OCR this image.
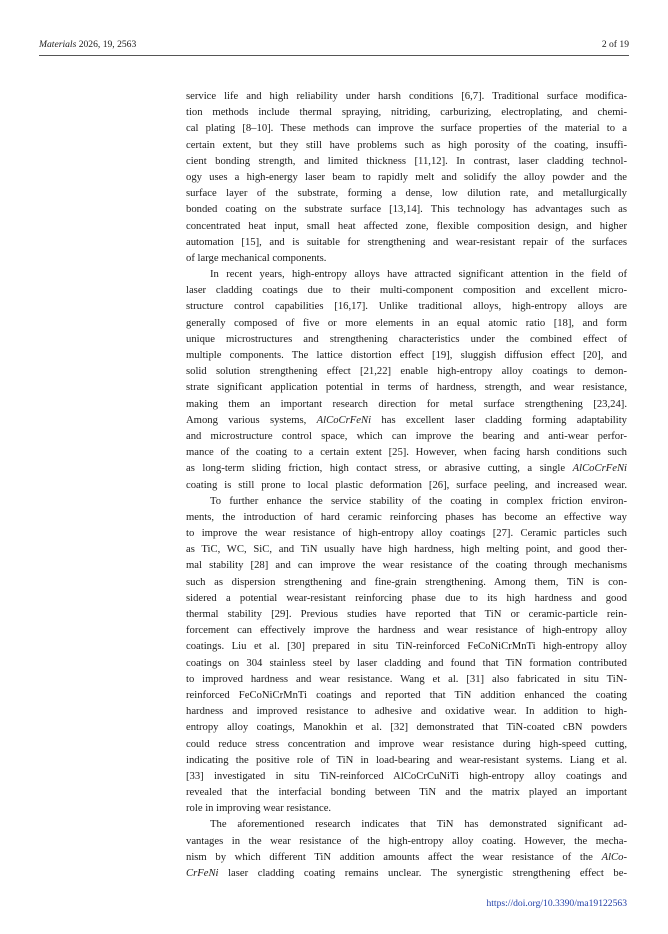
Materials 2026, 19, 2563	2 of 19
service life and high reliability under harsh conditions [6,7]. Traditional surface modifica-
tion methods include thermal spraying, nitriding, carburizing, electroplating, and chemi-
cal plating [8–10]. These methods can improve the surface properties of the material to a
certain extent, but they still have problems such as high porosity of the coating, insuffi-
cient bonding strength, and limited thickness [11,12]. In contrast, laser cladding technol-
ogy uses a high-energy laser beam to rapidly melt and solidify the alloy powder and the
surface layer of the substrate, forming a dense, low dilution rate, and metallurgically
bonded coating on the substrate surface [13,14]. This technology has advantages such as
concentrated heat input, small heat affected zone, flexible composition design, and higher
automation [15], and is suitable for strengthening and wear-resistant repair of the surfaces
of large mechanical components.
In recent years, high-entropy alloys have attracted significant attention in the field of
laser cladding coatings due to their multi-component composition and excellent micro-
structure control capabilities [16,17]. Unlike traditional alloys, high-entropy alloys are
generally composed of five or more elements in an equal atomic ratio [18], and form
unique microstructures and strengthening characteristics under the combined effect of
multiple components. The lattice distortion effect [19], sluggish diffusion effect [20], and
solid solution strengthening effect [21,22] enable high-entropy alloy coatings to demon-
strate significant application potential in terms of hardness, strength, and wear resistance,
making them an important research direction for metal surface strengthening [23,24].
Among various systems, AlCoCrFeNi has excellent laser cladding forming adaptability
and microstructure control space, which can improve the bearing and anti-wear perfor-
mance of the coating to a certain extent [25]. However, when facing harsh conditions such
as long-term sliding friction, high contact stress, or abrasive cutting, a single AlCoCrFeNi
coating is still prone to local plastic deformation [26], surface peeling, and increased wear.
To further enhance the service stability of the coating in complex friction environ-
ments, the introduction of hard ceramic reinforcing phases has become an effective way
to improve the wear resistance of high-entropy alloy coatings [27]. Ceramic particles such
as TiC, WC, SiC, and TiN usually have high hardness, high melting point, and good ther-
mal stability [28] and can improve the wear resistance of the coating through mechanisms
such as dispersion strengthening and fine-grain strengthening. Among them, TiN is con-
sidered a potential wear-resistant reinforcing phase due to its high hardness and good
thermal stability [29]. Previous studies have reported that TiN or ceramic-particle rein-
forcement can effectively improve the hardness and wear resistance of high-entropy alloy
coatings. Liu et al. [30] prepared in situ TiN-reinforced FeCoNiCrMnTi high-entropy alloy
coatings on 304 stainless steel by laser cladding and found that TiN formation contributed
to improved hardness and wear resistance. Wang et al. [31] also fabricated in situ TiN-
reinforced FeCoNiCrMnTi coatings and reported that TiN addition enhanced the coating
hardness and improved resistance to adhesive and oxidative wear. In addition to high-
entropy alloy coatings, Manokhin et al. [32] demonstrated that TiN-coated cBN powders
could reduce stress concentration and improve wear resistance during high-speed cutting,
indicating the positive role of TiN in load-bearing and wear-resistant systems. Liang et al.
[33] investigated in situ TiN-reinforced AlCoCrCuNiTi high-entropy alloy coatings and
revealed that the interfacial bonding between TiN and the matrix played an important
role in improving wear resistance.
The aforementioned research indicates that TiN has demonstrated significant ad-
vantages in the wear resistance of the high-entropy alloy coating. However, the mecha-
nism by which different TiN addition amounts affect the wear resistance of the AlCo-
CrFeNi laser cladding coating remains unclear. The synergistic strengthening effect be-
https://doi.org/10.3390/ma19122563
